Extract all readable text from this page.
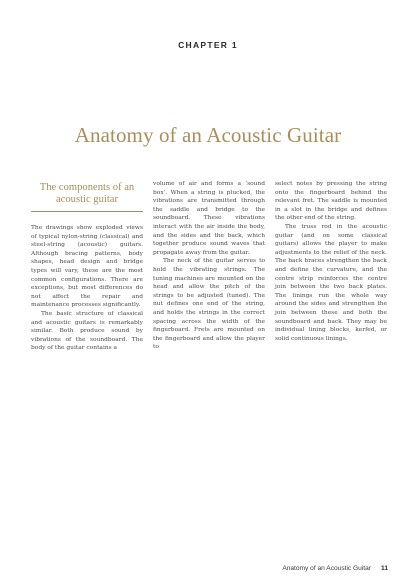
CHAPTER 1
Anatomy of an Acoustic Guitar
The components of an acoustic guitar

The drawings show exploded views of typical nylon-string (classical) and steel-string (acoustic) guitars. Although bracing patterns, body shapes, head design and bridge types will vary, these are the most common configurations. There are exceptions, but most differences do not affect the repair and maintenance processes significantly.

The basic structure of classical and acoustic guitars is remarkably similar. Both produce sound by vibrations of the soundboard. The body of the guitar contains a

volume of air and forms a ‘sound box’. When a string is plucked, the vibrations are transmitted through the saddle and bridge to the soundboard. These vibrations interact with the air inside the body, and the sides and the back, which together produce sound waves that propagate away from the guitar.

The neck of the guitar serves to hold the vibrating strings. The tuning machines are mounted on the head and allow the pitch of the strings to be adjusted (tuned). The nut defines one end of the string, and holds the strings in the correct spacing across the width of the fingerboard. Frets are mounted on the fingerboard and allow the player to

select notes by pressing the string onto the fingerboard behind the relevant fret. The saddle is mounted in a slot in the bridge and defines the other end of the string.

The truss rod in the acoustic guitar (and on some classical guitars) allows the player to make adjustments to the relief of the neck. The back braces strengthen the back and define the curvature, and the centre strip reinforces the centre join between the two back plates. The linings run the whole way around the sides and strengthen the join between these and both the soundboard and back. They may be individual lining blocks, kerfed, or solid continuous linings.

Anatomy of an Acoustic Guitar 11
